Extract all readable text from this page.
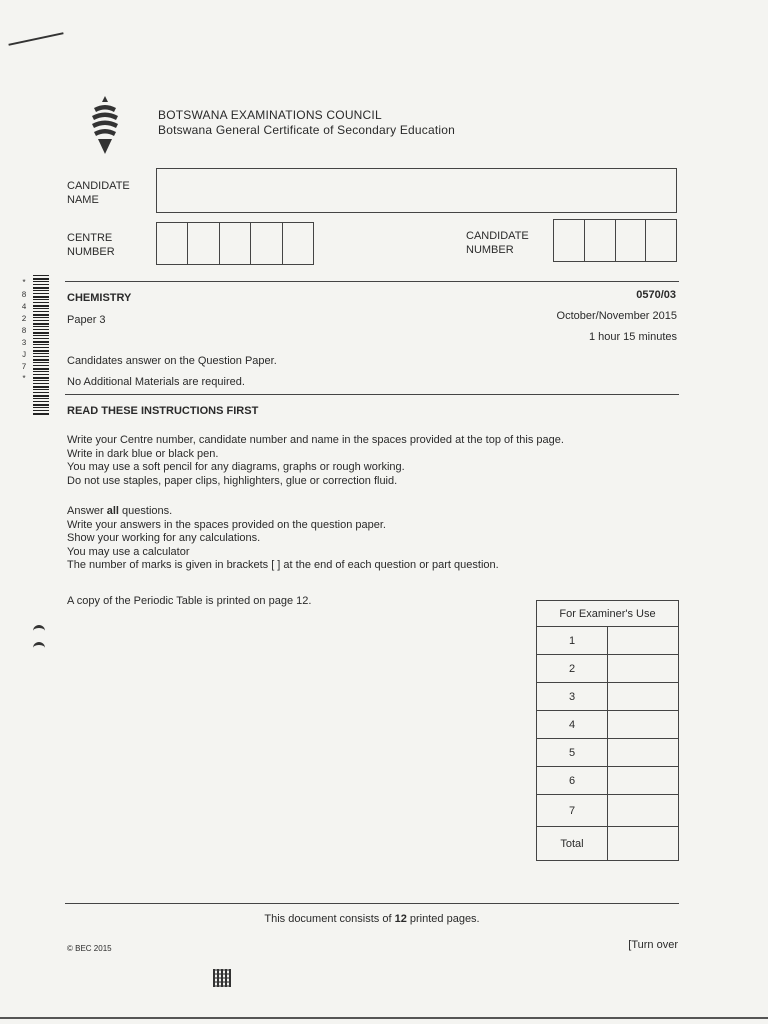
BOTSWANA EXAMINATIONS COUNCIL
Botswana General Certificate of Secondary Education
CANDIDATE
NAME
CENTRE
NUMBER
CANDIDATE
NUMBER
*
8
4
2
8
3
J
7
*
CHEMISTRY	0570/03
Paper 3	October/November 2015
1 hour 15 minutes
Candidates answer on the Question Paper.
No Additional Materials are required.
READ THESE INSTRUCTIONS FIRST
Write your Centre number, candidate number and name in the spaces provided at the top of this page.
Write in dark blue or black pen.
You may use a soft pencil for any diagrams, graphs or rough working.
Do not use staples, paper clips, highlighters, glue or correction fluid.
Answer all questions.
Write your answers in the spaces provided on the question paper.
Show your working for any calculations.
You may use a calculator
The number of marks is given in brackets [ ] at the end of each question or part question.
A copy of the Periodic Table is printed on page 12.
For Examiner's Use	
1	
2	
3	
4	
5	
6	
7	
Total	
This document consists of 12 printed pages.
© BEC 2015	[Turn over
